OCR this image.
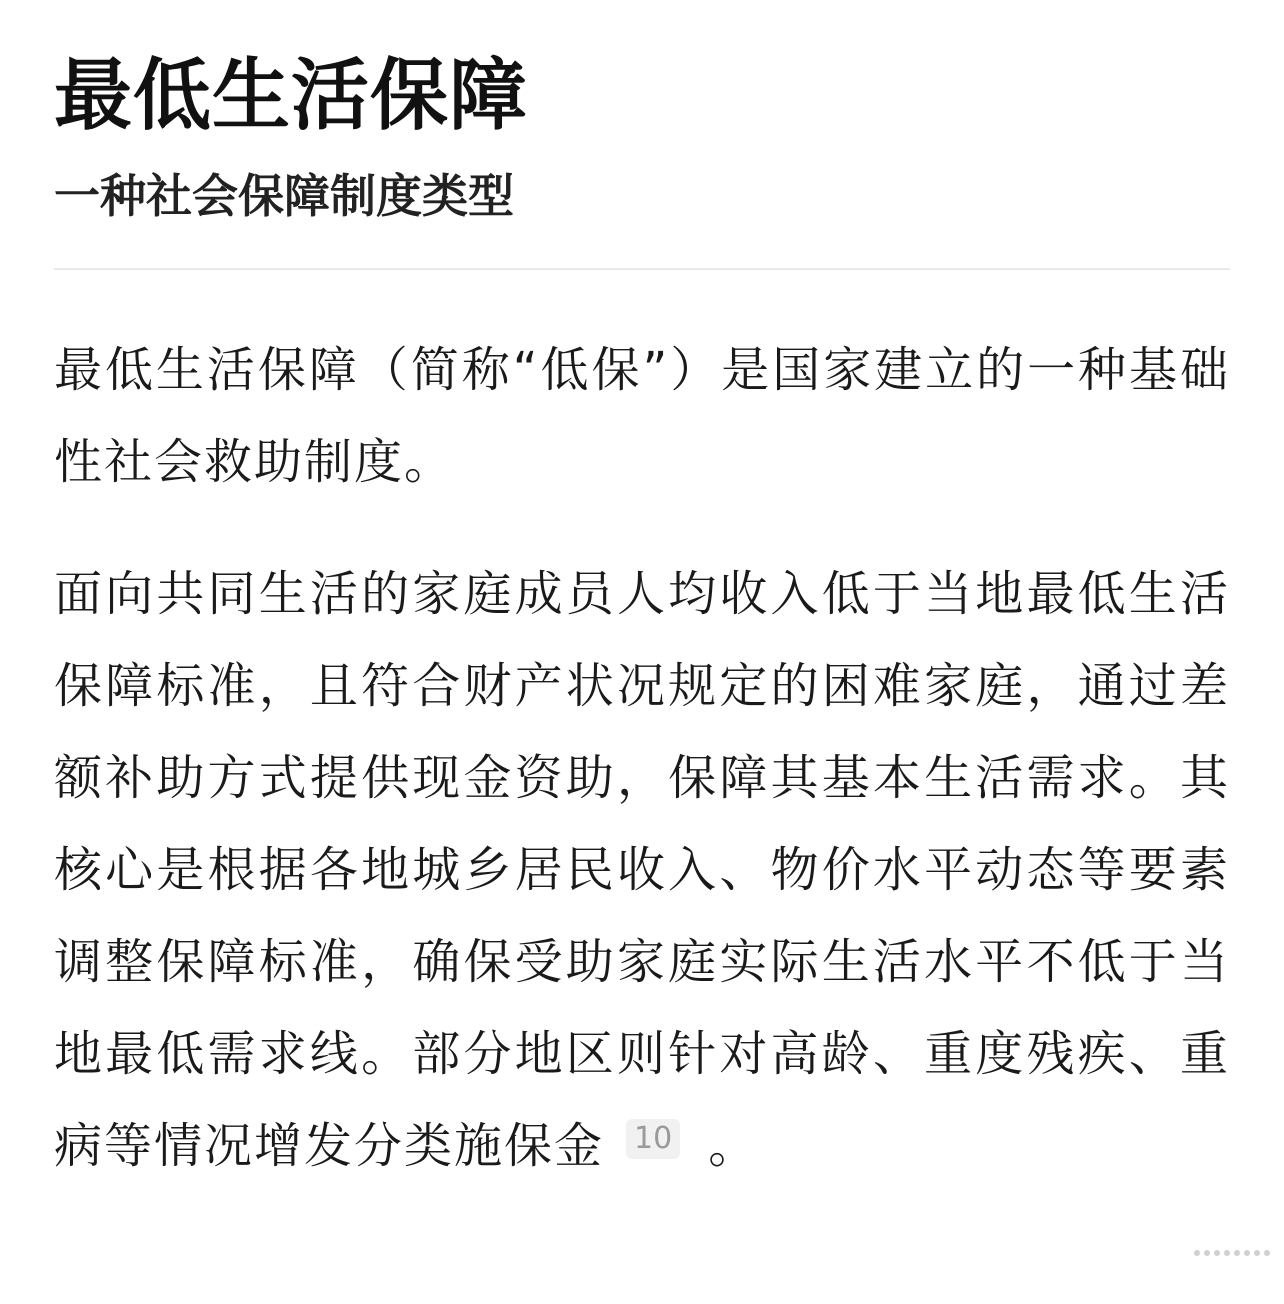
最低生活保障
一种社会保障制度类型

最低生活保障（简称“低保”）是国家建立的一种基础性社会救助制度。

面向共同生活的家庭成员人均收入低于当地最低生活保障标准，且符合财产状况规定的困难家庭，通过差额补助方式提供现金资助，保障其基本生活需求。其核心是根据各地城乡居民收入、物价水平动态等要素调整保障标准，确保受助家庭实际生活水平不低于当地最低需求线。部分地区则针对高龄、重度残疾、重病等情况增发分类施保金 10 。
